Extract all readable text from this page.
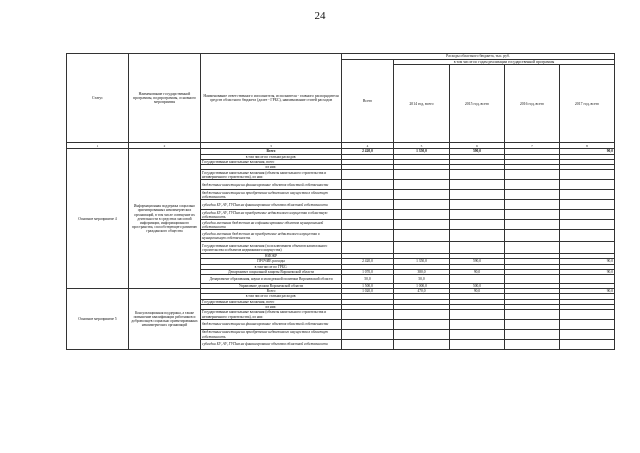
24
Статус	Наименование государственной программы, подпрограммы, основного мероприятия	Наименование ответственного исполнителя, исполнителя - главного распорядителя средств областного бюджета (далее - ГРБС), наименование статей расходов	Расходы областного бюджета, тыс. руб.				
			Всего	в том числе по годам реализации государственной программы			
				2014 год, всего	2015 год, всего	2016 год, всего	2017 год, всего
1	2	3	4	5	6	7	8
Основное мероприятие 4	Информационная поддержка социально ориентированных некоммерческих организаций, в том числе освещение их деятельности в средствах массовой информации, информационного пространства, способствующего развитию гражданского общества	Всего	2 420,0	1 350,0	590,0		90,0
		в том числе по статьям расходов:					
		Государственные капитальные вложения, всего					
		из них:					
		Государственные капитальные вложения (объекты капитального строительства и незавершенного строительства), из них:					
		бюджетные инвестиции на финансирование объектов областной собственности					
		бюджетные инвестиции на приобретение недвижимого имущества в областную собственность					
		субсидии БУ, АУ, ГУПам на финансирование объектов областной собственности					
		субсидии БУ, АУ, ГУПам на приобретение недвижимого имущества в областную собственность					
		субсидии местным бюджетам на софинансирование объектов муниципальной собственности					
		субсидии местным бюджетам на приобретение недвижимого имущества в муниципальную собственность					
		Государственные капитальные вложения (за исключением объектов капитального строительства и объектов недвижимого имущества)					
		НИОКР					
		ПРОЧИЕ расходы	2 420,0	1 350,0	590,0		90,0
		в том числе по ГРБС:					
		Департамент социальной защиты Воронежской области	1 070,0	380,0	90,0		90,0
		Департамент образования, науки и молодежной политики Воронежской области	50,0	50,0			
		Управление делами Воронежской области	1 500,0	1 000,0	500,0		
Основное мероприятие 5	Консультационная поддержка, а также повышение квалификации работников и добровольцев социально ориентированных некоммерческих организаций	Всего	1 020,0	470,0	90,0		90,0
		в том числе по статьям расходов:					
		Государственные капитальные вложения, всего					
		из них:					
		Государственные капитальные вложения (объекты капитального строительства и незавершенного строительства), из них:					
		бюджетные инвестиции на финансирование объектов областной собственности					
		бюджетные инвестиции на приобретение недвижимого имущества в областную собственность					
		субсидии БУ, АУ, ГУПам на финансирование объектов областной собственности					
